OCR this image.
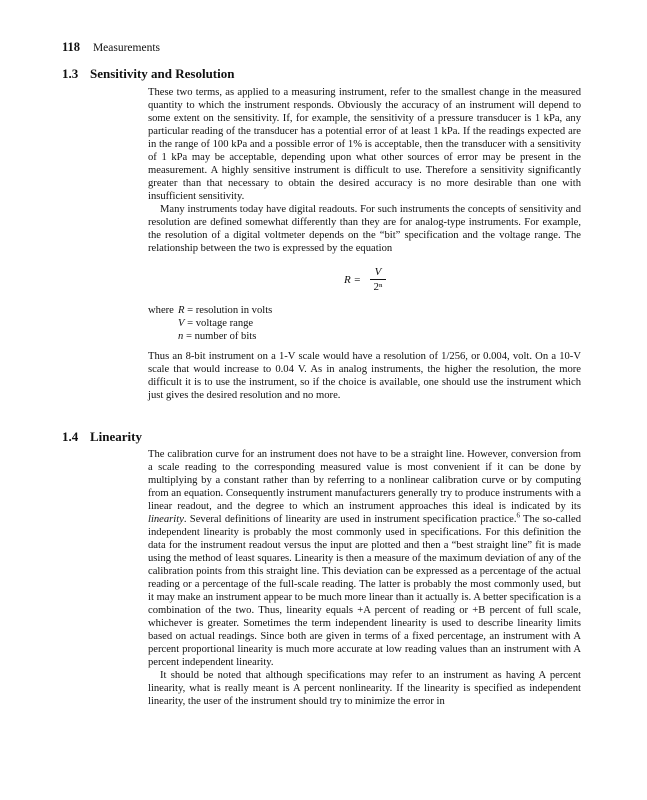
118 Measurements
1.3 Sensitivity and Resolution

These two terms, as applied to a measuring instrument, refer to the smallest change in the measured quantity to which the instrument responds. Obviously the accuracy of an instrument will depend to some extent on the sensitivity. If, for example, the sensitivity of a pressure transducer is 1 kPa, any particular reading of the transducer has a potential error of at least 1 kPa. If the readings expected are in the range of 100 kPa and a possible error of 1% is acceptable, then the transducer with a sensitivity of 1 kPa may be acceptable, depending upon what other sources of error may be present in the measurement. A highly sensitive instrument is difficult to use. Therefore a sensitivity significantly greater than that necessary to obtain the desired accuracy is no more desirable than one with insufficient sensitivity.

Many instruments today have digital readouts. For such instruments the concepts of sensitivity and resolution are defined somewhat differently than they are for analog-type instruments. For example, the resolution of a digital voltmeter depends on the “bit” specification and the voltage range. The relationship between the two is expressed by the equation

R =
V
2ⁿ
where R = resolution in volts
V = voltage range
n = number of bits

Thus an 8-bit instrument on a 1-V scale would have a resolution of 1/256, or 0.004, volt. On a 10-V scale that would increase to 0.04 V. As in analog instruments, the higher the resolution, the more difficult it is to use the instrument, so if the choice is available, one should use the instrument which just gives the desired resolution and no more.

1.4 Linearity

The calibration curve for an instrument does not have to be a straight line. However, conversion from a scale reading to the corresponding measured value is most convenient if it can be done by multiplying by a constant rather than by referring to a nonlinear calibration curve or by computing from an equation. Consequently instrument manufacturers generally try to produce instruments with a linear readout, and the degree to which an instrument approaches this ideal is indicated by its linearity. Several definitions of linearity are used in instrument specification practice.$^6$ The so-called independent linearity is probably the most commonly used in specifications. For this definition the data for the instrument readout versus the input are plotted and then a “best straight line” fit is made using the method of least squares. Linearity is then a measure of the maximum deviation of any of the calibration points from this straight line. This deviation can be expressed as a percentage of the actual reading or a percentage of the full-scale reading. The latter is probably the most commonly used, but it may make an instrument appear to be much more linear than it actually is. A better specification is a combination of the two. Thus, linearity equals +A percent of reading or +B percent of full scale, whichever is greater. Sometimes the term independent linearity is used to describe linearity limits based on actual readings. Since both are given in terms of a fixed percentage, an instrument with A percent proportional linearity is much more accurate at low reading values than an instrument with A percent independent linearity.

It should be noted that although specifications may refer to an instrument as having A percent linearity, what is really meant is A percent nonlinearity. If the linearity is specified as independent linearity, the user of the instrument should try to minimize the error in
